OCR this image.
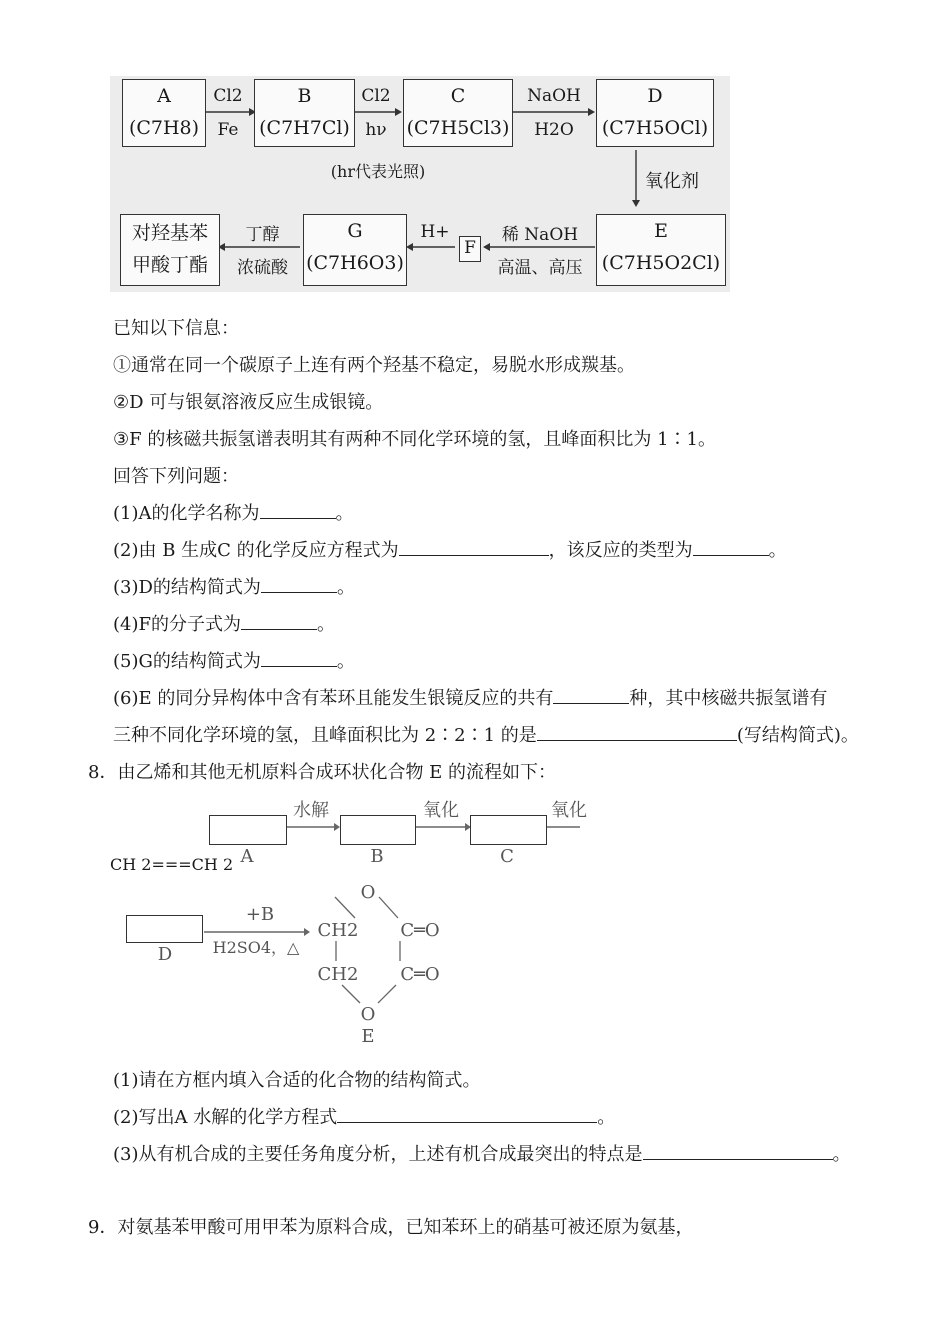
A
(C7H8)
Cl2
Fe
B
(C7H7Cl)
Cl2
hν
C
(C7H5Cl3)
NaOH
H2O
D
(C7H5OCl)
(hr代表光照)	氧化剂
E
(C7H5O2Cl)
稀 NaOH
高温、高压
F
H+
G
(C7H6O3)
丁醇
浓硫酸
对羟基苯
甲酸丁酯
已知以下信息：
①通常在同一个碳原子上连有两个羟基不稳定，易脱水形成羰基。
②D 可与银氨溶液反应生成银镜。
③F 的核磁共振氢谱表明其有两种不同化学环境的氢，且峰面积比为 1∶1。
回答下列问题：
(1)A的化学名称为	。
(2)由 B 生成C 的化学反应方程式为	，该反应的类型为	。
(3)D的结构简式为	。
(4)F的分子式为	。
(5)G的结构简式为	。
(6)E 的同分异构体中含有苯环且能发生银镜反应的共有	种，其中核磁共振氢谱有
三种不同化学环境的氢，且峰面积比为 2∶2∶1 的是	(写结构简式)。
8．由乙烯和其他无机原料合成环状化合物 E 的流程如下：
水解	氧化	氧化
A	B	C
D
CH 2===CH 2
+B
H2SO4，△
O
CH2	C═O
CH2	C═O
O
E
(1)请在方框内填入合适的化合物的结构简式。
(2)写出A 水解的化学方程式	。
(3)从有机合成的主要任务角度分析，上述有机合成最突出的特点是	。
9．对氨基苯甲酸可用甲苯为原料合成，已知苯环上的硝基可被还原为氨基，
